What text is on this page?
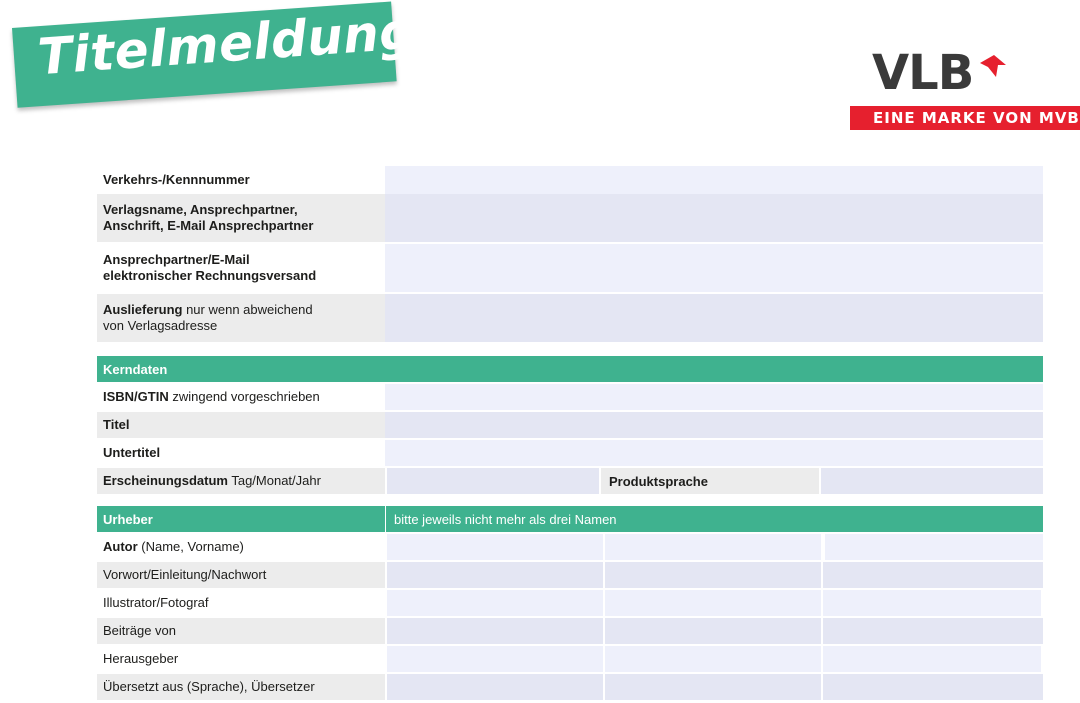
Titelmeldung	VLB
EINE MARKE VON MVB
Verkehrs-/Kennnummer
Verlagsname, Ansprechpartner,
Anschrift, E-Mail Ansprechpartner
Ansprechpartner/E-Mail
elektronischer Rechnungsversand
Auslieferung nur wenn abweichend
von Verlagsadresse
Kerndaten
ISBN/GTIN zwingend vorgeschrieben
Titel
Untertitel
Erscheinungsdatum Tag/Monat/Jahr	Produktsprache
Urheber	bitte jeweils nicht mehr als drei Namen
Autor (Name, Vorname)
Vorwort/Einleitung/Nachwort
Illustrator/Fotograf
Beiträge von
Herausgeber
Übersetzt aus (Sprache), Übersetzer
